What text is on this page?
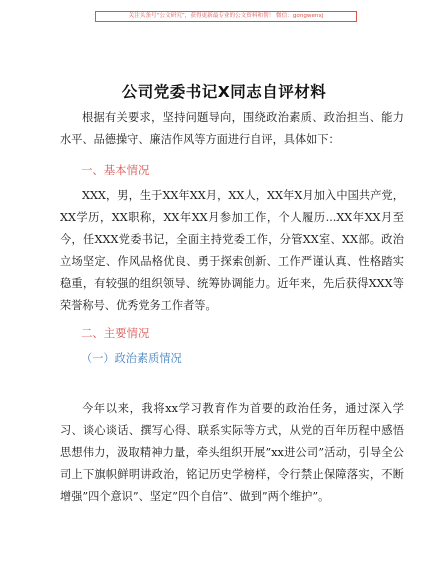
关注头条号“公文研究”，获得更新最专业的公文资料和帮！ 微信：gongwenxj
公司党委书记X同志自评材料
根据有关要求，坚持问题导向，围绕政治素质、政治担当、能力水平、品德操守、廉洁作风等方面进行自评，具体如下：
一、基本情况
XXX，男，生于XX年XX月，XX人，XX年X月加入中国共产党，XX学历，XX职称，XX年XX月参加工作，个人履历...XX年XX月至今，任XXX党委书记，全面主持党委工作，分管XX室、XX部。政治立场坚定、作风品格优良、勇于探索创新、工作严谨认真、性格踏实稳重，有较强的组织领导、统筹协调能力。近年来，先后获得XXX等荣誉称号、优秀党务工作者等。
二、主要情况
（一）政治素质情况
今年以来，我将xx学习教育作为首要的政治任务，通过深入学习、谈心谈话、撰写心得、联系实际等方式，从党的百年历程中感悟思想伟力，汲取精神力量，牵头组织开展”xx进公司”活动，引导全公司上下旗帜鲜明讲政治，铭记历史学榜样，令行禁止保障落实，不断增强”四个意识”、坚定”四个自信”、做到”两个维护”。
